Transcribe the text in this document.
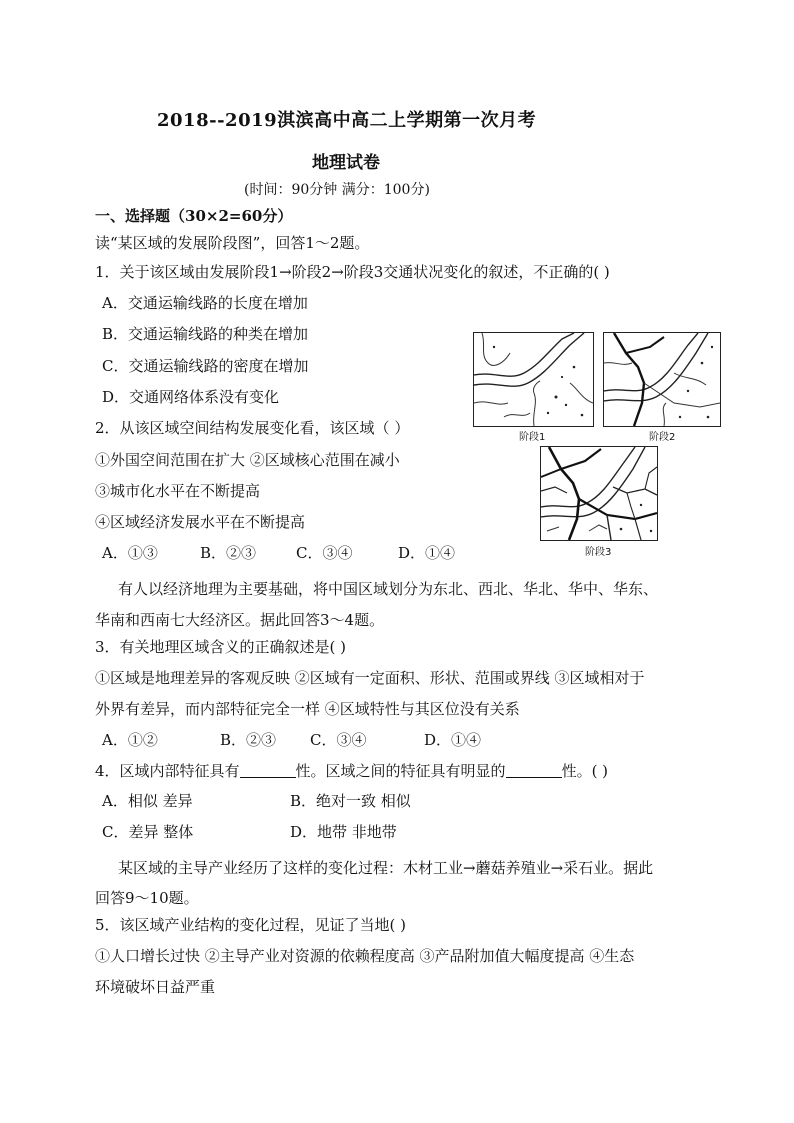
2018--2019淇滨高中高二上学期第一次月考
地理试卷
(时间：90分钟 满分：100分)
一、选择题（30×2=60分）
读“某区域的发展阶段图”，回答1～2题。
1．关于该区域由发展阶段1→阶段2→阶段3交通状况变化的叙述，不正确的( )
A．交通运输线路的长度在增加
B．交通运输线路的种类在增加
C．交通运输线路的密度在增加
D．交通网络体系没有变化
2．从该区域空间结构发展变化看，该区域（ ）
①外国空间范围在扩大 ②区域核心范围在减小
③城市化水平在不断提高
④区域经济发展水平在不断提高
A．①③	B．②③	C．③④	D．①④
阶段1	阶段2
阶段3
有人以经济地理为主要基础，将中国区域划分为东北、西北、华北、华中、华东、
华南和西南七大经济区。据此回答3～4题。
3．有关地理区域含义的正确叙述是( )
①区域是地理差异的客观反映 ②区域有一定面积、形状、范围或界线 ③区域相对于
外界有差异，而内部特征完全一样 ④区域特性与其区位没有关系
A．①②	B．②③ C．③④	D．①④
4．区域内部特征具有	性。区域之间的特征具有明显的	性。( )
A．相似 差异	B．绝对一致 相似
C．差异 整体	D．地带 非地带
某区域的主导产业经历了这样的变化过程：木材工业→蘑菇养殖业→采石业。据此
回答9～10题。
5．该区域产业结构的变化过程，见证了当地( )
①人口增长过快 ②主导产业对资源的依赖程度高 ③产品附加值大幅度提高 ④生态
环境破坏日益严重
